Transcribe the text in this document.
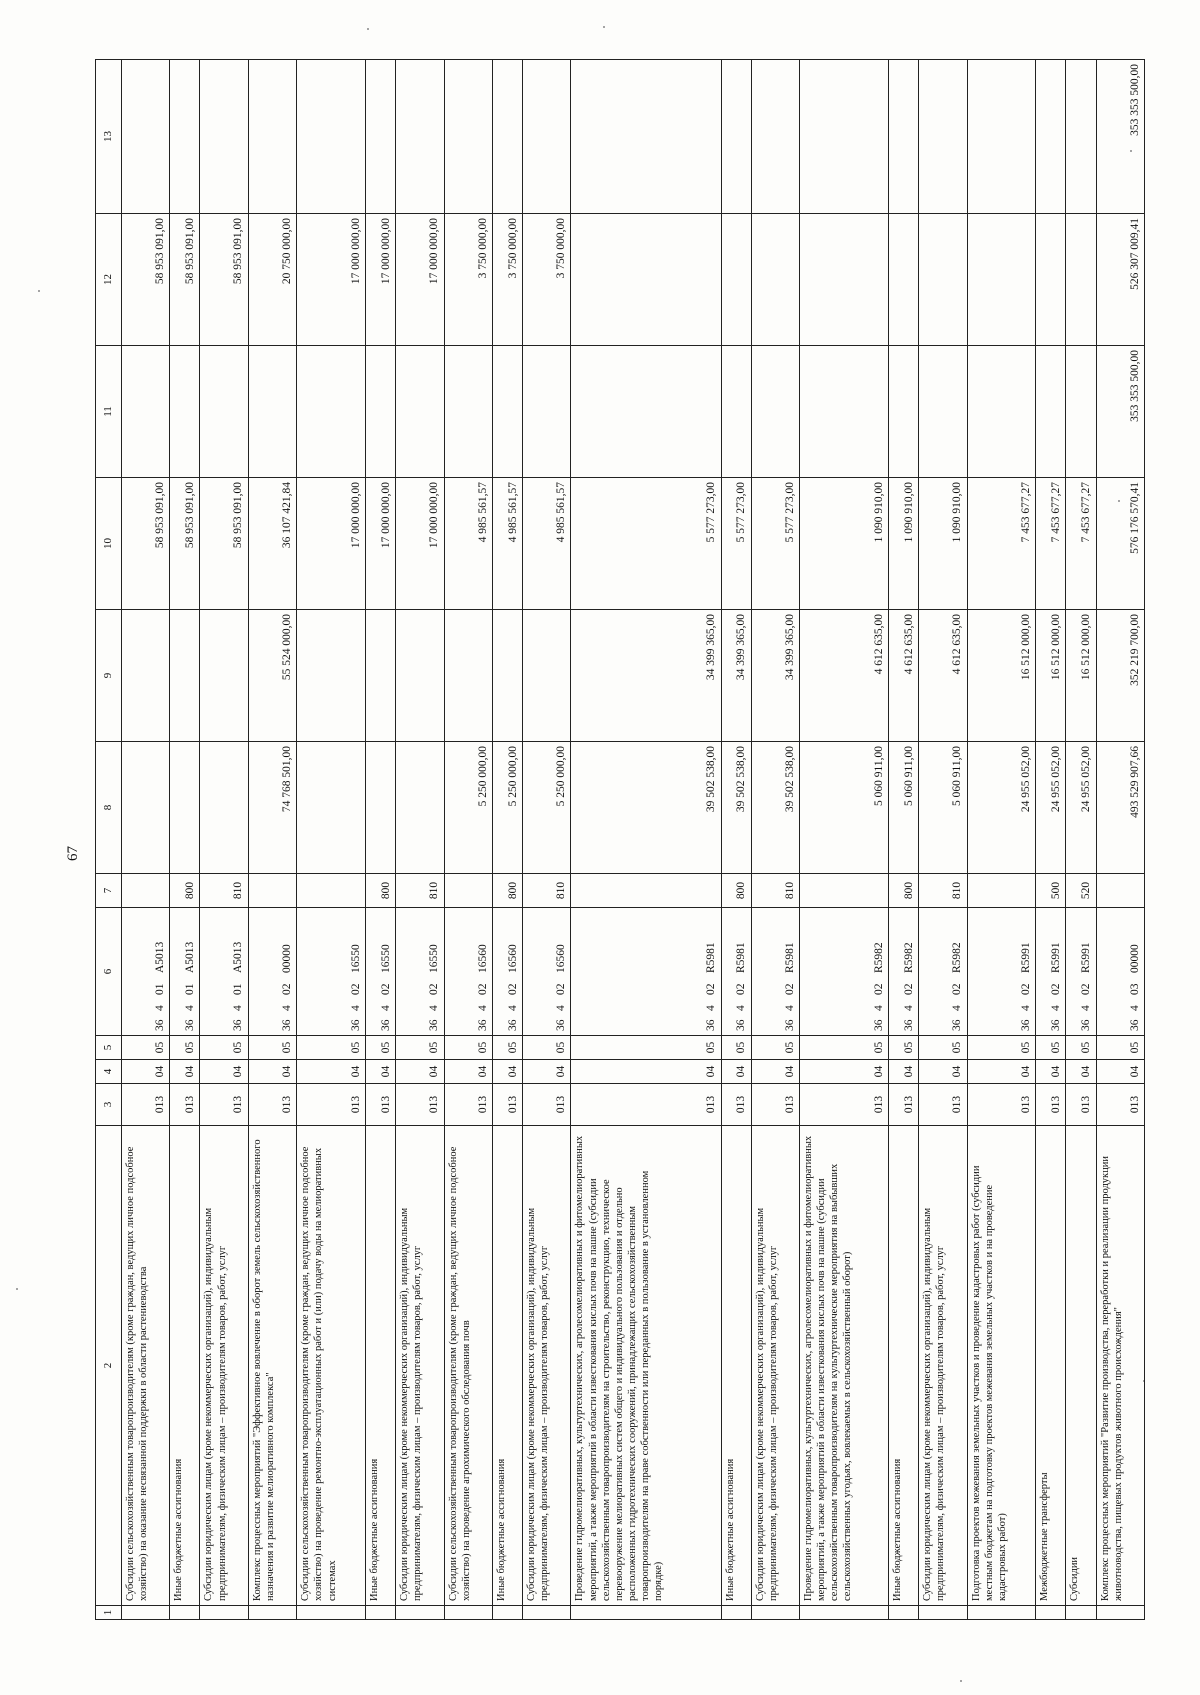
67
1	2	3	4	5	6	7	8	9	10	11	12	13
	Субсидии сельскохозяйственным товаропроизводителям (кроме граждан, ведущих личное подсобное хозяйство) на оказание несвязанной поддержки в области растениеводства	013	04	05	36401А5013				58 953 091,00		58 953 091,00	
	Иные бюджетные ассигнования	013	04	05	36401А5013	800			58 953 091,00		58 953 091,00	
	Субсидии юридическим лицам (кроме некоммерческих организаций), индивидуальным предпринимателям, физическим лицам – производителям товаров, работ, услуг	013	04	05	36401А5013	810			58 953 091,00		58 953 091,00	
	Комплекс процессных мероприятий "Эффективное вовлечение в оборот земель сельскохозяйственного назначения и развитие мелиоративного комплекса"	013	04	05	3640200000		74 768 501,00	55 524 000,00	36 107 421,84		20 750 000,00	
	Субсидии сельскохозяйственным товаропроизводителям (кроме граждан, ведущих личное подсобное хозяйство) на проведение ремонтно-эксплуатационных работ и (или) подачу воды на мелиоративных системах	013	04	05	3640216550				17 000 000,00		17 000 000,00	
	Иные бюджетные ассигнования	013	04	05	3640216550	800			17 000 000,00		17 000 000,00	
	Субсидии юридическим лицам (кроме некоммерческих организаций), индивидуальным предпринимателям, физическим лицам – производителям товаров, работ, услуг	013	04	05	3640216550	810			17 000 000,00		17 000 000,00	
	Субсидии сельскохозяйственным товаропроизводителям (кроме граждан, ведущих личное подсобное хозяйство) на проведение агрохимического обследования почв	013	04	05	3640216560		5 250 000,00		4 985 561,57		3 750 000,00	
	Иные бюджетные ассигнования	013	04	05	3640216560	800	5 250 000,00		4 985 561,57		3 750 000,00	
	Субсидии юридическим лицам (кроме некоммерческих организаций), индивидуальным предпринимателям, физическим лицам – производителям товаров, работ, услуг	013	04	05	3640216560	810	5 250 000,00		4 985 561,57		3 750 000,00	
	Проведение гидромелиоративных, культуртехнических, агролесомелиоративных и фитомелиоративных мероприятий, а также мероприятий в области известкования кислых почв на пашне (субсидии сельскохозяйственным товаропроизводителям на строительство, реконструкцию, техническое перевооружение мелиоративных систем общего и индивидуального пользования и отдельно расположенных гидротехнических сооружений, принадлежащих сельскохозяйственным товаропроизводителям на праве собственности или переданных в пользование в установленном порядке)	013	04	05	36402R5981		39 502 538,00	34 399 365,00	5 577 273,00			
	Иные бюджетные ассигнования	013	04	05	36402R5981	800	39 502 538,00	34 399 365,00	5 577 273,00			
	Субсидии юридическим лицам (кроме некоммерческих организаций), индивидуальным предпринимателям, физическим лицам – производителям товаров, работ, услуг	013	04	05	36402R5981	810	39 502 538,00	34 399 365,00	5 577 273,00			
	Проведение гидромелиоративных, культуртехнических, агролесомелиоративных и фитомелиоративных мероприятий, а также мероприятий в области известкования кислых почв на пашне (субсидии сельскохозяйственным товаропроизводителям на культуртехнические мероприятия на выбывших сельскохозяйственных угодьях, вовлекаемых в сельскохозяйственный оборот)	013	04	05	36402R5982		5 060 911,00	4 612 635,00	1 090 910,00			
	Иные бюджетные ассигнования	013	04	05	36402R5982	800	5 060 911,00	4 612 635,00	1 090 910,00			
	Субсидии юридическим лицам (кроме некоммерческих организаций), индивидуальным предпринимателям, физическим лицам – производителям товаров, работ, услуг	013	04	05	36402R5982	810	5 060 911,00	4 612 635,00	1 090 910,00			
	Подготовка проектов межевания земельных участков и проведение кадастровых работ (субсидии местным бюджетам на подготовку проектов межевания земельных участков и на проведение кадастровых работ)	013	04	05	36402R5991		24 955 052,00	16 512 000,00	7 453 677,27			
	Межбюджетные трансферты	013	04	05	36402R5991	500	24 955 052,00	16 512 000,00	7 453 677,27			
	Субсидии	013	04	05	36402R5991	520	24 955 052,00	16 512 000,00	7 453 677,27			
	Комплекс процессных мероприятий "Развитие производства, переработки и реализации продукции животноводства, пищевых продуктов животного происхождения"	013	04	05	3640300000		493 529 907,66	352 219 700,00	576 176 570,41	353 353 500,00	526 307 009,41	353 353 500,00
